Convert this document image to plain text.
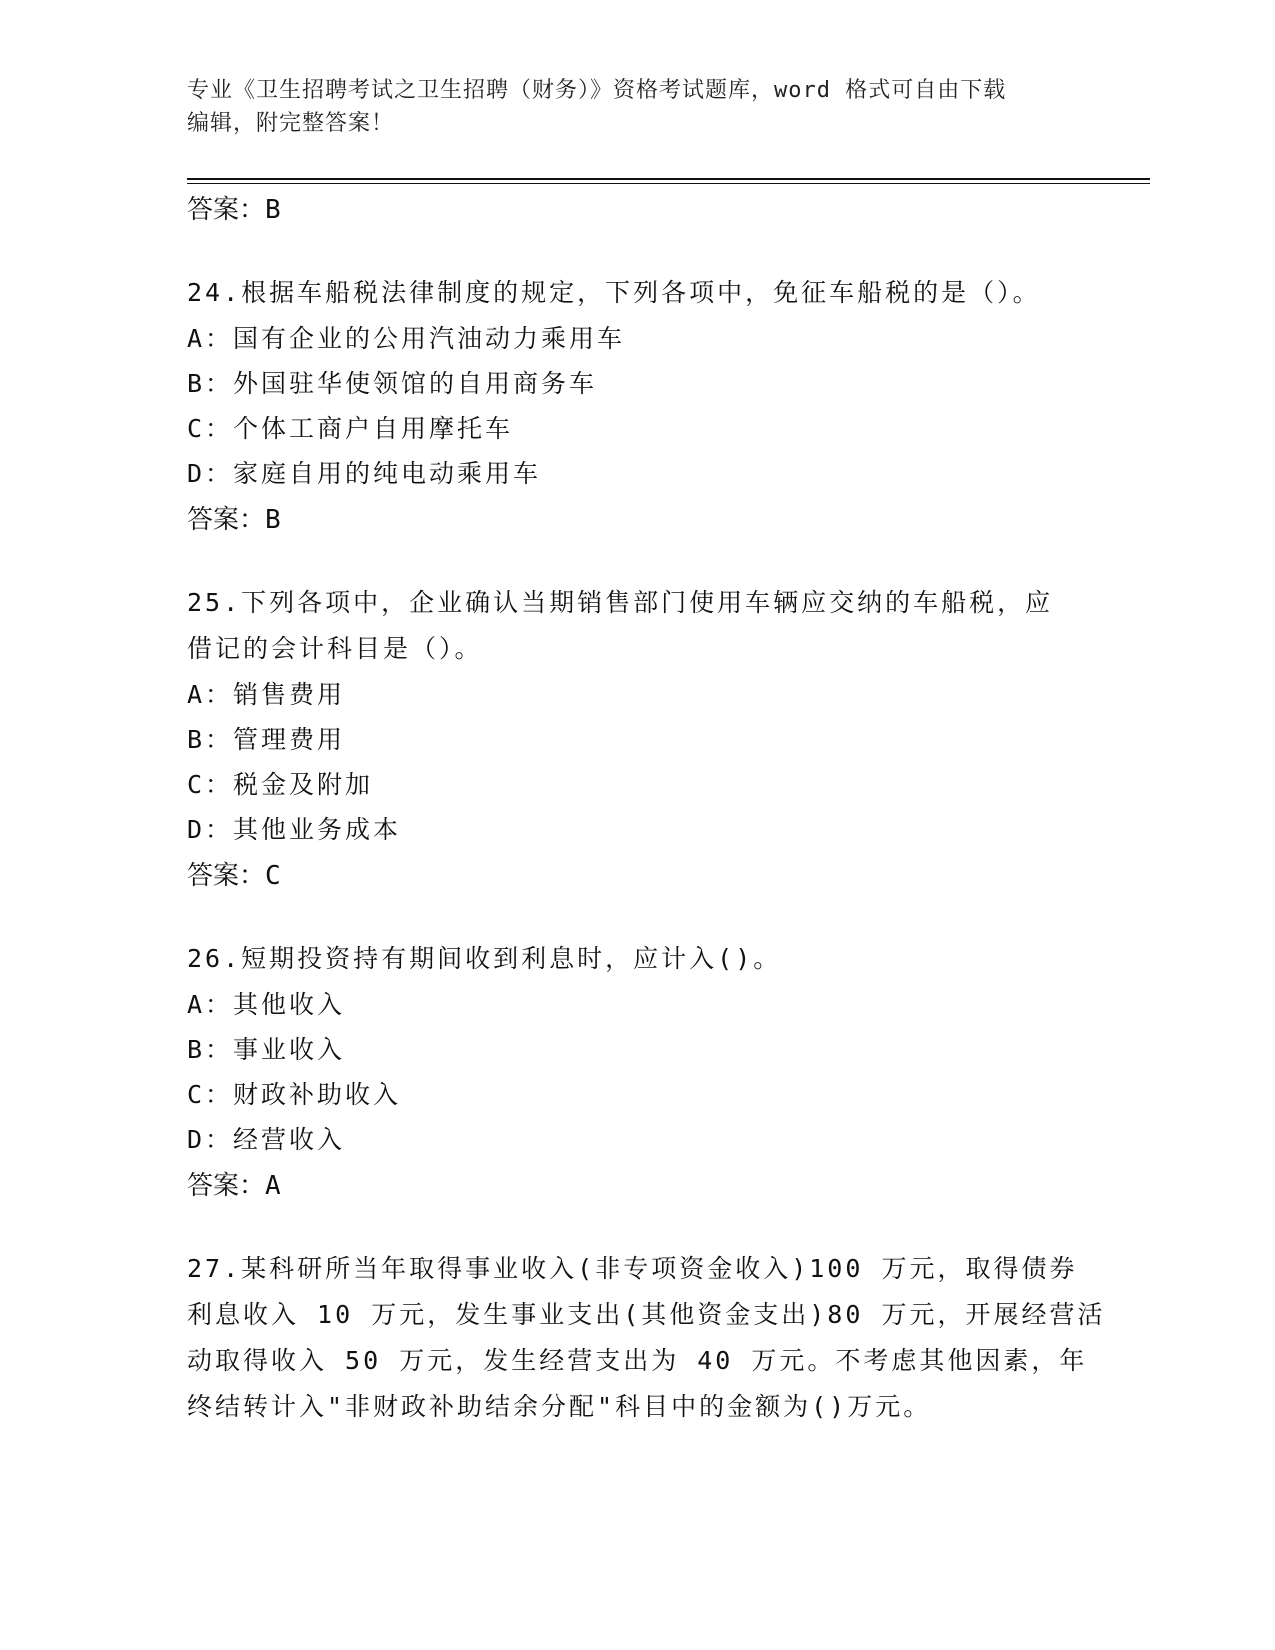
专业《卫生招聘考试之卫生招聘（财务）》资格考试题库，word 格式可自由下载
编辑，附完整答案！
答案：B
24.根据车船税法律制度的规定，下列各项中，免征车船税的是（）。
A：国有企业的公用汽油动力乘用车
B：外国驻华使领馆的自用商务车
C：个体工商户自用摩托车
D：家庭自用的纯电动乘用车
答案：B
25.下列各项中，企业确认当期销售部门使用车辆应交纳的车船税，应
借记的会计科目是（）。
A：销售费用
B：管理费用
C：税金及附加
D：其他业务成本
答案：C
26.短期投资持有期间收到利息时，应计入()。
A：其他收入
B：事业收入
C：财政补助收入
D：经营收入
答案：A
27.某科研所当年取得事业收入(非专项资金收入)100 万元，取得债券
利息收入 10 万元，发生事业支出(其他资金支出)80 万元，开展经营活
动取得收入 50 万元，发生经营支出为 40 万元。不考虑其他因素，年
终结转计入"非财政补助结余分配"科目中的金额为()万元。
